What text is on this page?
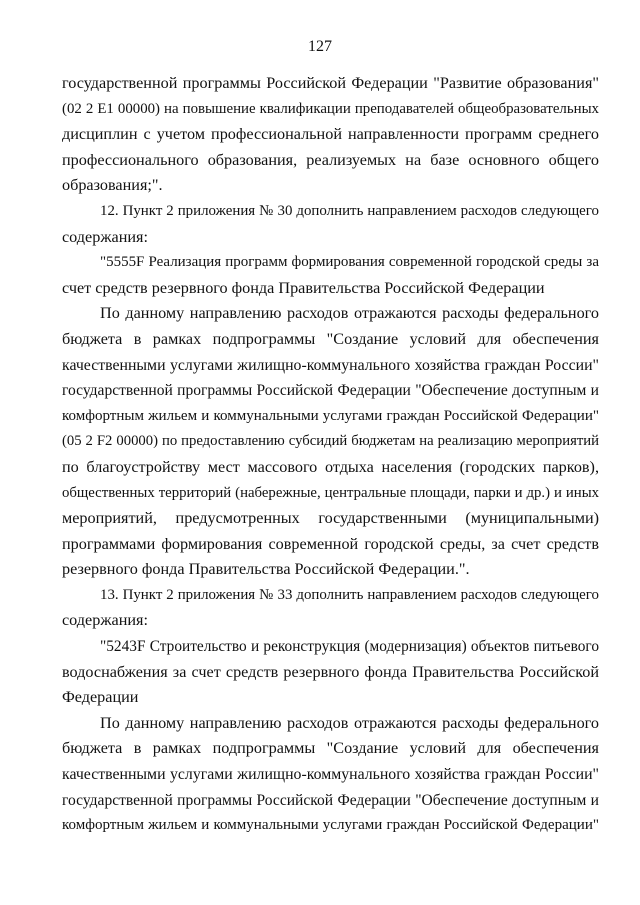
127
государственной программы Российской Федерации "Развитие образования"
(02 2 E1 00000) на повышение квалификации преподавателей общеобразовательных
дисциплин с учетом профессиональной направленности программ среднего
профессионального образования, реализуемых на базе основного общего
образования;".
12. Пункт 2 приложения № 30 дополнить направлением расходов следующего
содержания:
"5555F Реализация программ формирования современной городской среды за
счет средств резервного фонда Правительства Российской Федерации
По данному направлению расходов отражаются расходы федерального
бюджета в рамках подпрограммы "Создание условий для обеспечения
качественными услугами жилищно-коммунального хозяйства граждан России"
государственной программы Российской Федерации "Обеспечение доступным и
комфортным жильем и коммунальными услугами граждан Российской Федерации"
(05 2 F2 00000) по предоставлению субсидий бюджетам на реализацию мероприятий
по благоустройству мест массового отдыха населения (городских парков),
общественных территорий (набережные, центральные площади, парки и др.) и иных
мероприятий, предусмотренных государственными (муниципальными)
программами формирования современной городской среды, за счет средств
резервного фонда Правительства Российской Федерации.".
13. Пункт 2 приложения № 33 дополнить направлением расходов следующего
содержания:
"5243F Строительство и реконструкция (модернизация) объектов питьевого
водоснабжения за счет средств резервного фонда Правительства Российской
Федерации
По данному направлению расходов отражаются расходы федерального
бюджета в рамках подпрограммы "Создание условий для обеспечения
качественными услугами жилищно-коммунального хозяйства граждан России"
государственной программы Российской Федерации "Обеспечение доступным и
комфортным жильем и коммунальными услугами граждан Российской Федерации"
